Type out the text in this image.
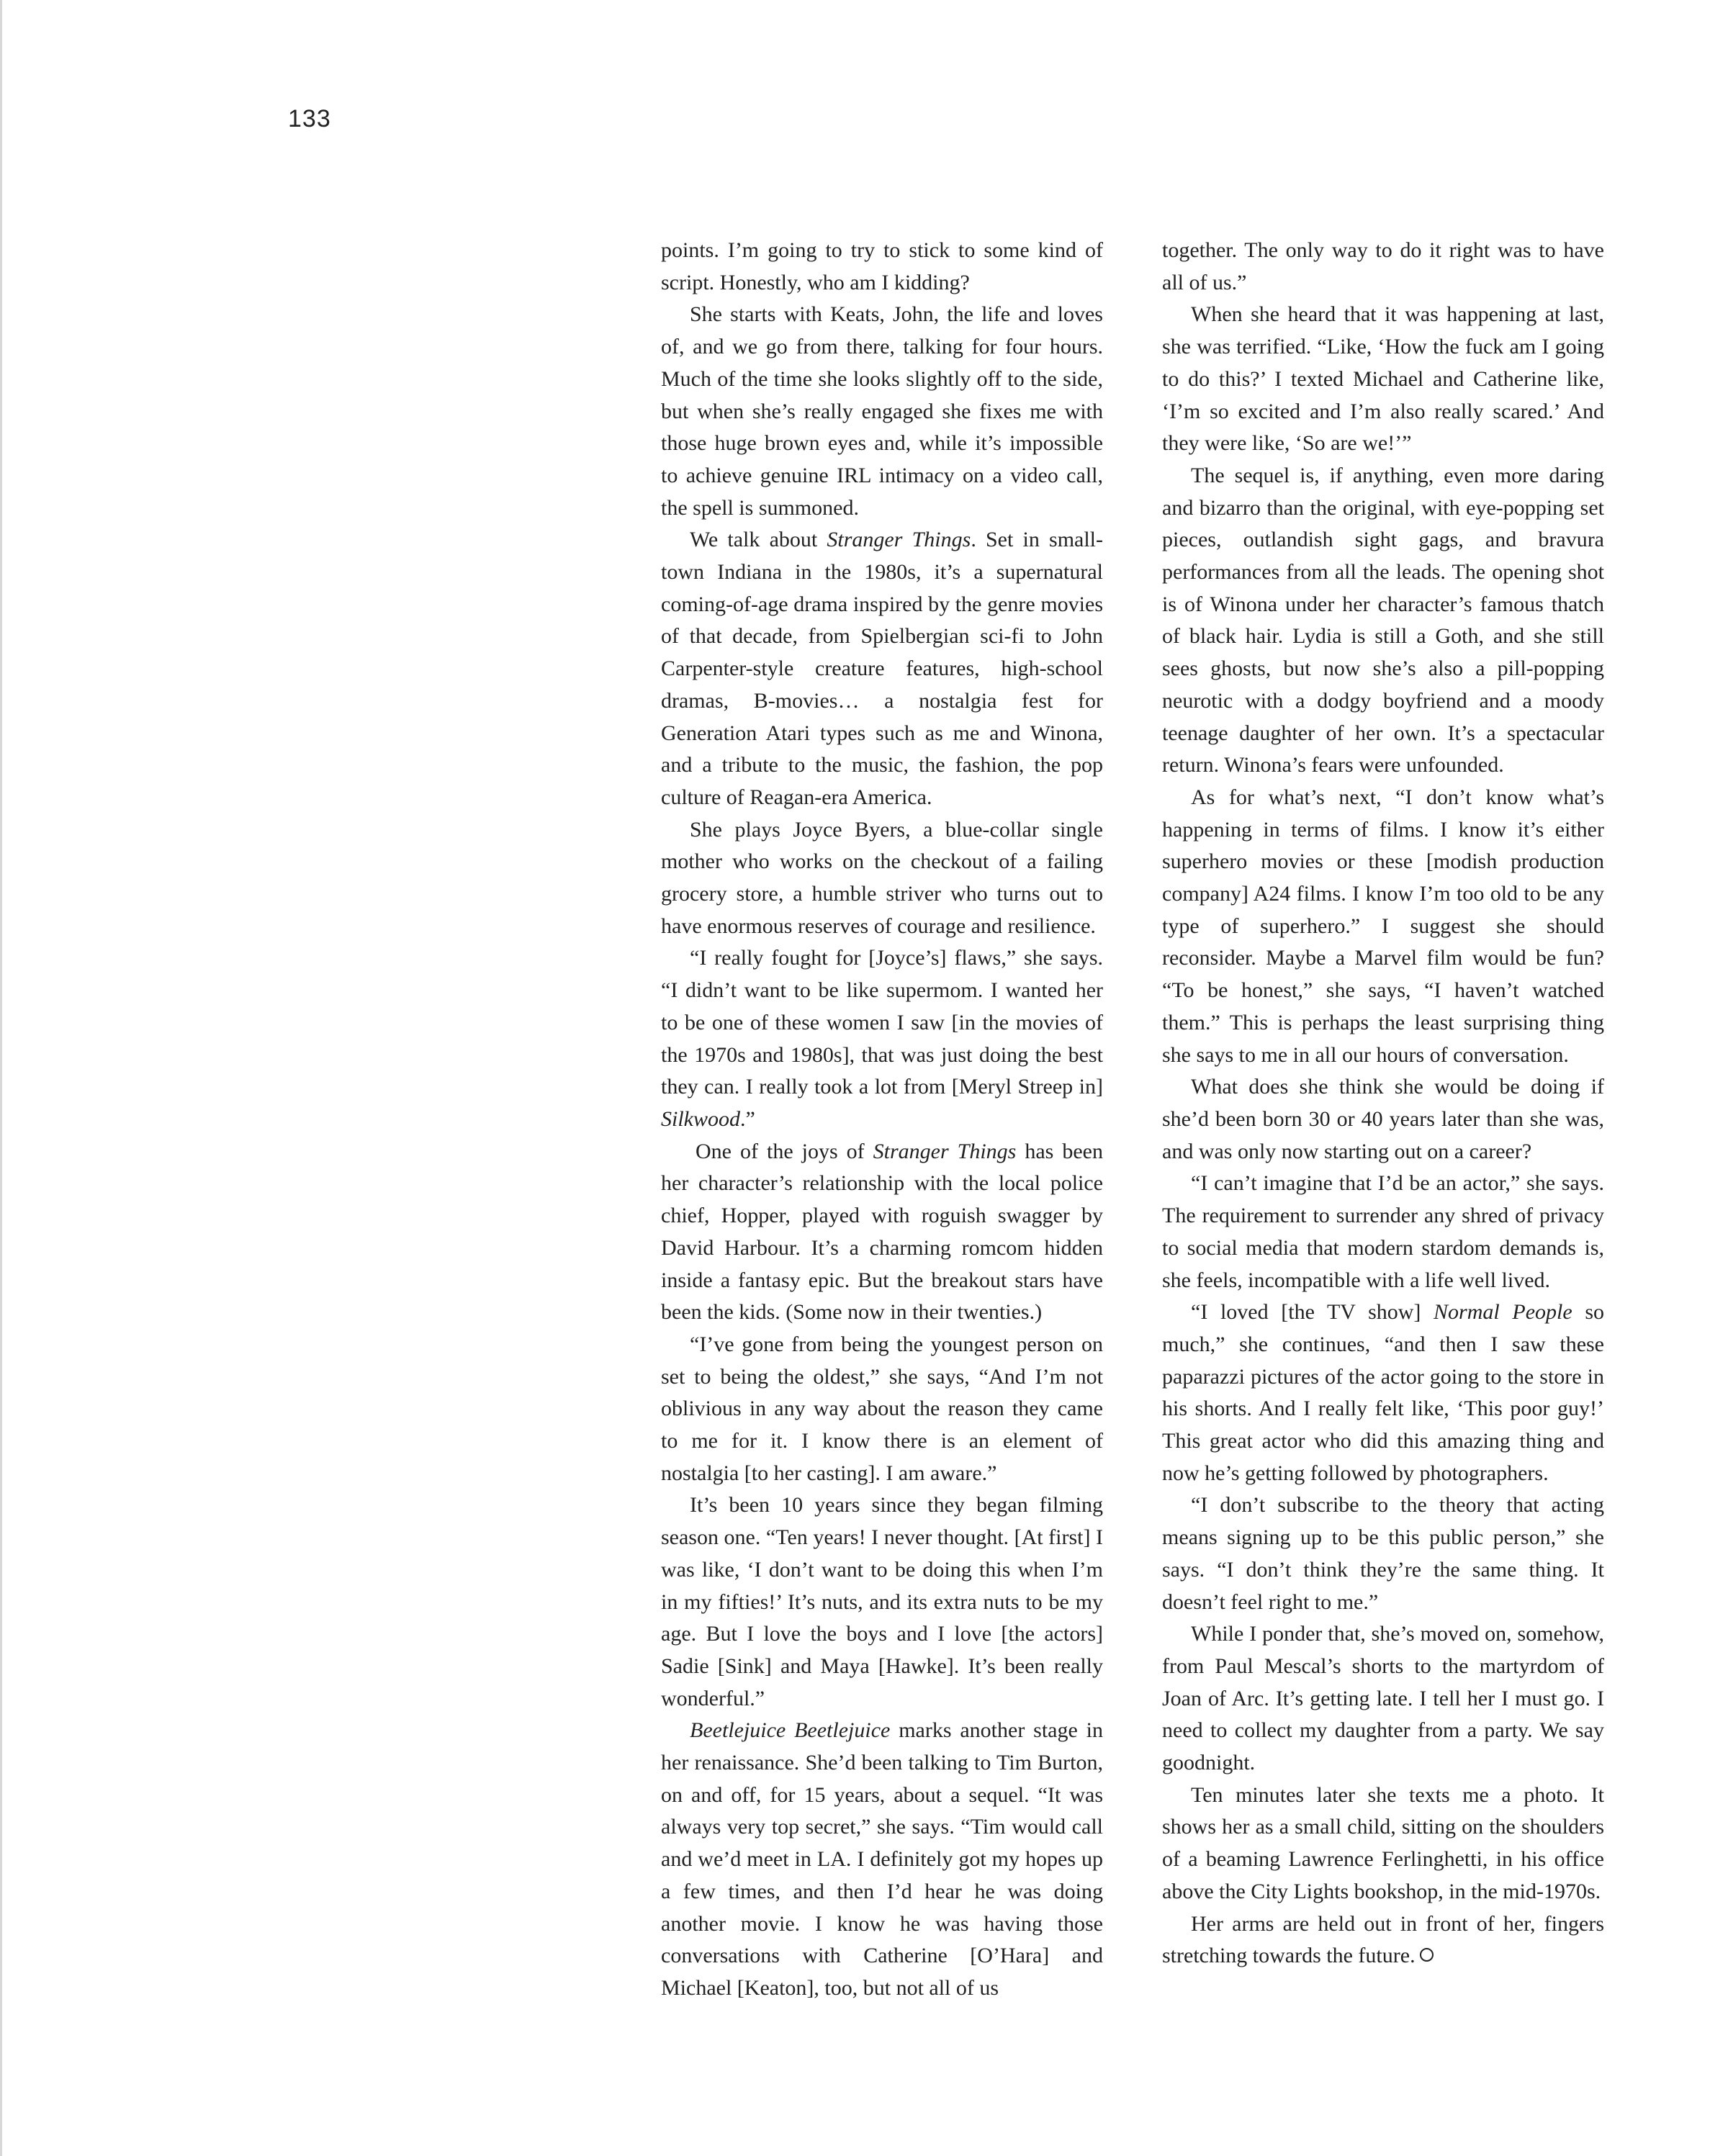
133

points. I’m going to try to stick to some kind of script. Honestly, who am I kidding?

She starts with Keats, John, the life and loves of, and we go from there, talking for four hours. Much of the time she looks slightly off to the side, but when she’s really engaged she fixes me with those huge brown eyes and, while it’s impossible to achieve genuine IRL intimacy on a video call, the spell is summoned.

We talk about Stranger Things. Set in small-town Indiana in the 1980s, it’s a supernatural coming-of-age drama inspired by the genre movies of that decade, from Spielbergian sci-fi to John Carpenter-style creature features, high-school dramas, B-movies… a nostalgia fest for Generation Atari types such as me and Winona, and a tribute to the music, the fashion, the pop culture of Reagan-era America.

She plays Joyce Byers, a blue-collar single mother who works on the checkout of a failing grocery store, a humble striver who turns out to have enormous reserves of courage and resilience.

“I really fought for [Joyce’s] flaws,” she says. “I didn’t want to be like supermom. I wanted her to be one of these women I saw [in the movies of the 1970s and 1980s], that was just doing the best they can. I really took a lot from [Meryl Streep in] Silkwood.”

One of the joys of Stranger Things has been her character’s relationship with the local police chief, Hopper, played with roguish swagger by David Harbour. It’s a charming romcom hidden inside a fantasy epic. But the breakout stars have been the kids. (Some now in their twenties.)

“I’ve gone from being the youngest person on set to being the oldest,” she says, “And I’m not oblivious in any way about the reason they came to me for it. I know there is an element of nostalgia [to her casting]. I am aware.”

It’s been 10 years since they began filming season one. “Ten years! I never thought. [At first] I was like, ‘I don’t want to be doing this when I’m in my fifties!’ It’s nuts, and its extra nuts to be my age. But I love the boys and I love [the actors] Sadie [Sink] and Maya [Hawke]. It’s been really wonderful.”

Beetlejuice Beetlejuice marks another stage in her renaissance. She’d been talking to Tim Burton, on and off, for 15 years, about a sequel. “It was always very top secret,” she says. “Tim would call and we’d meet in LA. I definitely got my hopes up a few times, and then I’d hear he was doing another movie. I know he was having those conversations with Catherine [O’Hara] and Michael [Keaton], too, but not all of us

together. The only way to do it right was to have all of us.”

When she heard that it was happening at last, she was terrified. “Like, ‘How the fuck am I going to do this?’ I texted Michael and Catherine like, ‘I’m so excited and I’m also really scared.’ And they were like, ‘So are we!’”

The sequel is, if anything, even more daring and bizarro than the original, with eye-popping set pieces, outlandish sight gags, and bravura performances from all the leads. The opening shot is of Winona under her character’s famous thatch of black hair. Lydia is still a Goth, and she still sees ghosts, but now she’s also a pill-popping neurotic with a dodgy boyfriend and a moody teenage daughter of her own. It’s a spectacular return. Winona’s fears were unfounded.

As for what’s next, “I don’t know what’s happening in terms of films. I know it’s either superhero movies or these [modish production company] A24 films. I know I’m too old to be any type of superhero.” I suggest she should reconsider. Maybe a Marvel film would be fun? “To be honest,” she says, “I haven’t watched them.” This is perhaps the least surprising thing she says to me in all our hours of conversation.

What does she think she would be doing if she’d been born 30 or 40 years later than she was, and was only now starting out on a career?

“I can’t imagine that I’d be an actor,” she says. The requirement to surrender any shred of privacy to social media that modern stardom demands is, she feels, incompatible with a life well lived.

“I loved [the TV show] Normal People so much,” she continues, “and then I saw these paparazzi pictures of the actor going to the store in his shorts. And I really felt like, ‘This poor guy!’ This great actor who did this amazing thing and now he’s getting followed by photographers.

“I don’t subscribe to the theory that acting means signing up to be this public person,” she says. “I don’t think they’re the same thing. It doesn’t feel right to me.”

While I ponder that, she’s moved on, somehow, from Paul Mescal’s shorts to the martyrdom of Joan of Arc. It’s getting late. I tell her I must go. I need to collect my daughter from a party. We say goodnight.

Ten minutes later she texts me a photo. It shows her as a small child, sitting on the shoulders of a beaming Lawrence Ferlinghetti, in his office above the City Lights bookshop, in the mid-1970s.

Her arms are held out in front of her, fingers stretching towards the future.
